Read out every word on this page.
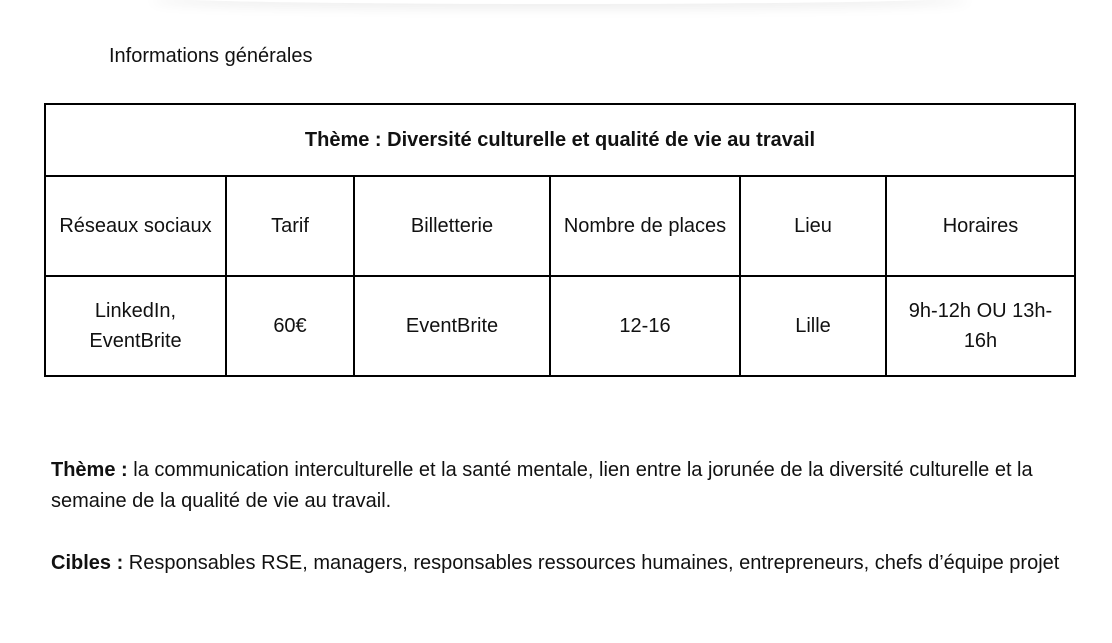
Informations générales
Thème : Diversité culturelle et qualité de vie au travail					
Réseaux sociaux	Tarif	Billetterie	Nombre de places	Lieu	Horaires
LinkedIn, EventBrite	60€	EventBrite	12-16	Lille	9h-12h OU 13h-16h
Thème : la communication interculturelle et la santé mentale, lien entre la jorunée de la diversité culturelle et la semaine de la qualité de vie au travail.
Cibles : Responsables RSE, managers, responsables ressources humaines, entrepreneurs, chefs d’équipe projet
